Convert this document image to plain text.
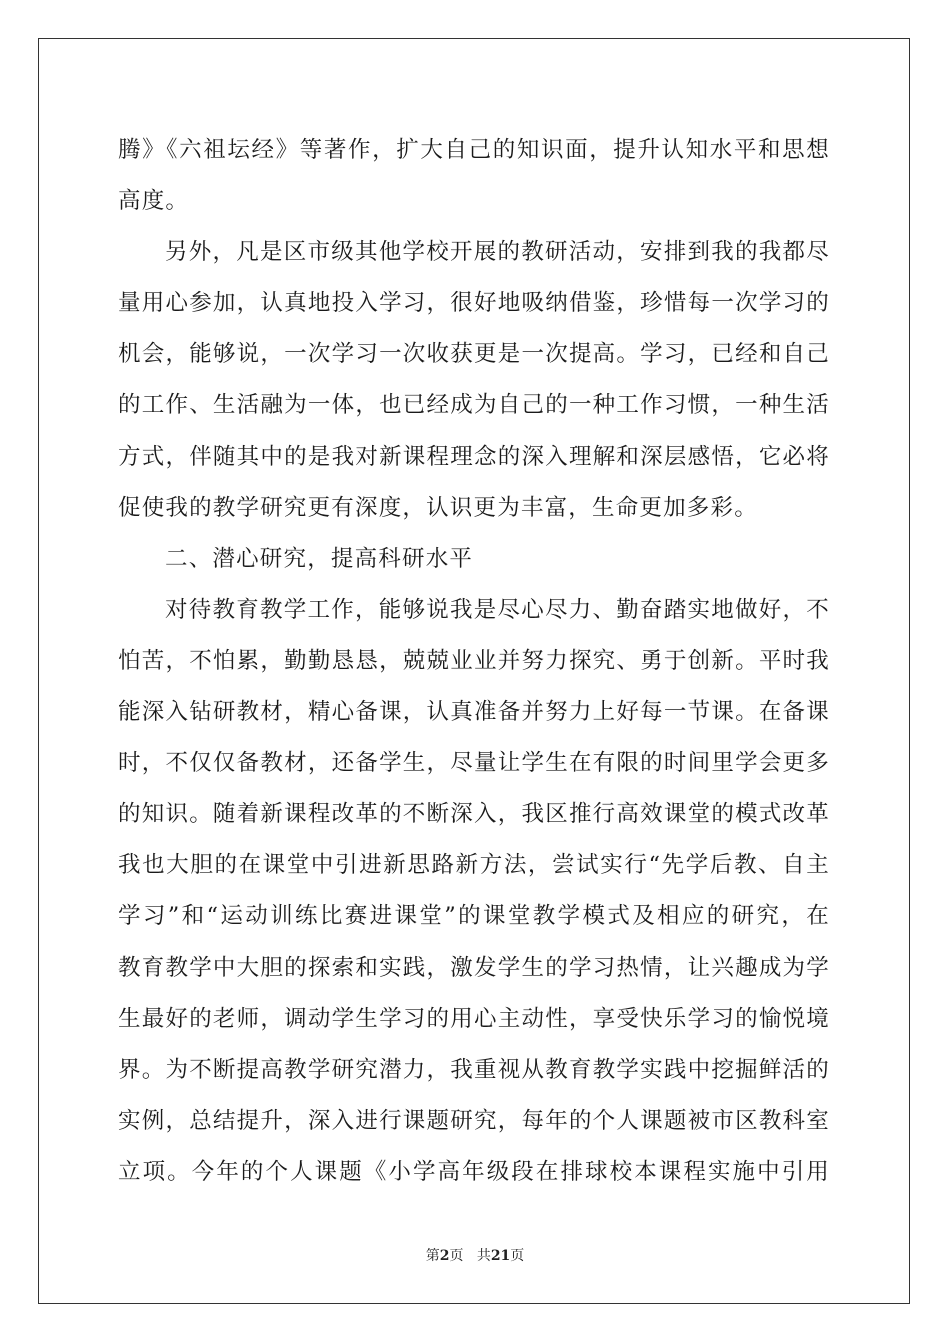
腾》《六祖坛经》等著作，扩大自己的知识面，提升认知水平和思想
高度。
另外，凡是区市级其他学校开展的教研活动，安排到我的我都尽
量用心参加，认真地投入学习，很好地吸纳借鉴，珍惜每一次学习的
机会，能够说，一次学习一次收获更是一次提高。学习，已经和自己
的工作、生活融为一体，也已经成为自己的一种工作习惯，一种生活
方式，伴随其中的是我对新课程理念的深入理解和深层感悟，它必将
促使我的教学研究更有深度，认识更为丰富，生命更加多彩。
二、潜心研究，提高科研水平
对待教育教学工作，能够说我是尽心尽力、勤奋踏实地做好，不
怕苦，不怕累，勤勤恳恳，兢兢业业并努力探究、勇于创新。平时我
能深入钻研教材，精心备课，认真准备并努力上好每一节课。在备课
时，不仅仅备教材，还备学生，尽量让学生在有限的时间里学会更多
的知识。随着新课程改革的不断深入，我区推行高效课堂的模式改革
我也大胆的在课堂中引进新思路新方法，尝试实行“先学后教、自主
学习”和“运动训练比赛进课堂”的课堂教学模式及相应的研究，在
教育教学中大胆的探索和实践，激发学生的学习热情，让兴趣成为学
生最好的老师，调动学生学习的用心主动性，享受快乐学习的愉悦境
界。为不断提高教学研究潜力，我重视从教育教学实践中挖掘鲜活的
实例，总结提升，深入进行课题研究，每年的个人课题被市区教科室
立项。今年的个人课题《小学高年级段在排球校本课程实施中引用
第2页 共21页
